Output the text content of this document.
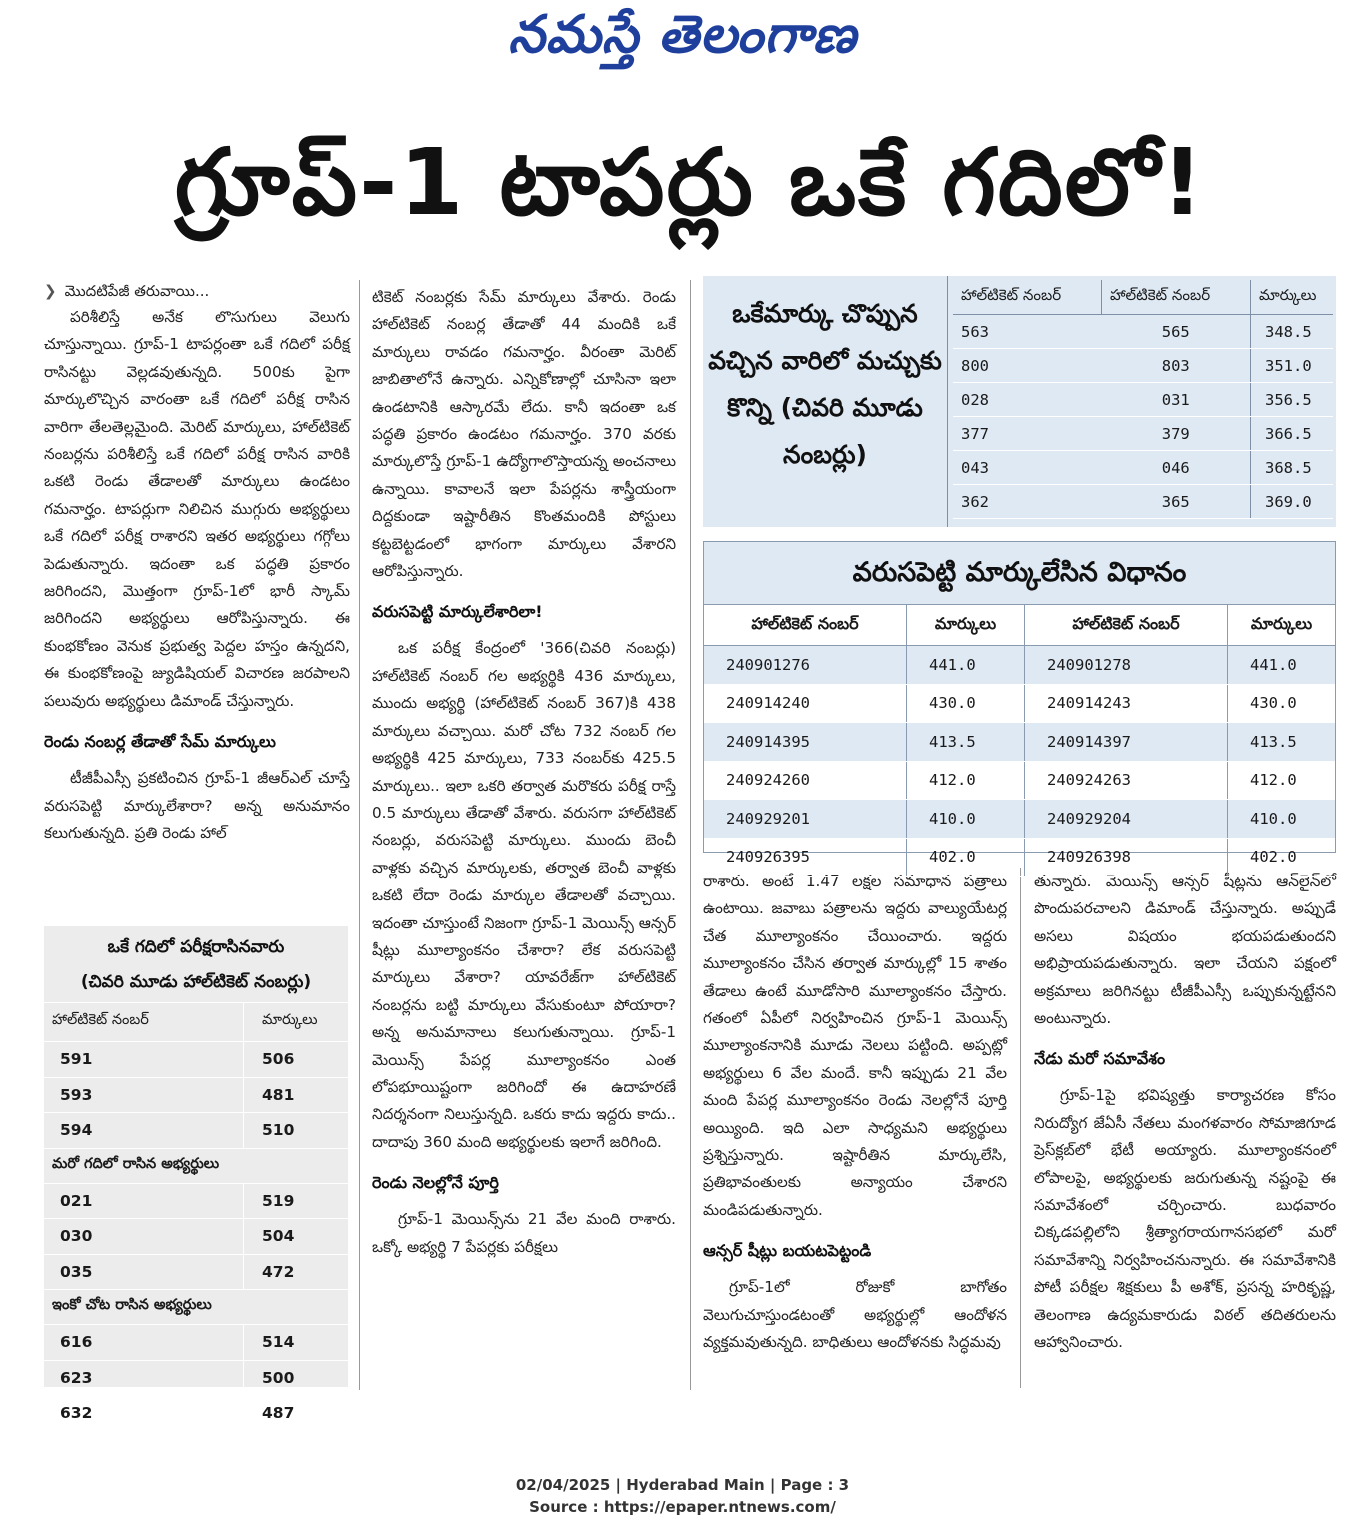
నమస్తే తెలంగాణ
గ్రూప్-1 టాపర్లు ఒకే గదిలో!
❯ మొదటిపేజీ తరువాయి...

పరిశీలిస్తే అనేక లొసుగులు వెలుగు చూస్తున్నాయి. గ్రూప్-1 టాపర్లంతా ఒకే గదిలో పరీక్ష రాసినట్టు వెల్లడవుతున్నది. 500కు పైగా మార్కులొచ్చిన వారంతా ఒకే గదిలో పరీక్ష రాసిన వారిగా తేలతెల్లమైంది. మెరిట్ మార్కులు, హాల్‌టికెట్ నంబర్లను పరిశీలిస్తే ఒకే గదిలో పరీక్ష రాసిన వారికి ఒకటి రెండు తేడాలతో మార్కులు ఉండటం గమనార్హం. టాపర్లుగా నిలిచిన ముగ్గురు అభ్యర్థులు ఒకే గదిలో పరీక్ష రాశారని ఇతర అభ్యర్థులు గగ్గోలు పెడుతున్నారు. ఇదంతా ఒక పద్ధతి ప్రకారం జరిగిందని, మొత్తంగా గ్రూప్-1లో భారీ స్కామ్ జరిగిందని అభ్యర్థులు ఆరోపిస్తున్నారు. ఈ కుంభకోణం వెనుక ప్రభుత్వ పెద్దల హస్తం ఉన్నదని, ఈ కుంభకోణంపై జ్యుడిషియల్ విచారణ జరపాలని పలువురు అభ్యర్థులు డిమాండ్ చేస్తున్నారు.

రెండు నంబర్ల తేడాతో సేమ్ మార్కులు

టీజీపీఎస్సీ ప్రకటించిన గ్రూప్-1 జీఆర్ఎల్ చూస్తే వరుసపెట్టి మార్కులేశారా? అన్న అనుమానం కలుగుతున్నది. ప్రతి రెండు హాల్

టికెట్ నంబర్లకు సేమ్ మార్కులు వేశారు. రెండు హాల్‌టికెట్ నంబర్ల తేడాతో 44 మందికి ఒకే మార్కులు రావడం గమనార్హం. వీరంతా మెరిట్ జాబితాలోనే ఉన్నారు. ఎన్నికోణాల్లో చూసినా ఇలా ఉండటానికి ఆస్కారమే లేదు. కానీ ఇదంతా ఒక పద్ధతి ప్రకారం ఉండటం గమనార్హం. 370 వరకు మార్కులొస్తే గ్రూప్-1 ఉద్యోగాలొస్తాయన్న అంచనాలు ఉన్నాయి. కావాలనే ఇలా పేపర్లను శాస్త్రీయంగా దిద్దకుండా ఇష్టారీతిన కొంతమందికి పోస్టులు కట్టబెట్టడంలో భాగంగా మార్కులు వేశారని ఆరోపిస్తున్నారు.

వరుసపెట్టి మార్కులేశారిలా!

ఒక పరీక్ష కేంద్రంలో '366(చివరి నంబర్లు) హాల్‌టికెట్ నంబర్ గల అభ్యర్థికి 436 మార్కులు, ముందు అభ్యర్థి (హాల్‌టికెట్ నంబర్ 367)కి 438 మార్కులు వచ్చాయి. మరో చోట 732 నంబర్ గల అభ్యర్థికి 425 మార్కులు, 733 నంబర్‌కు 425.5 మార్కులు.. ఇలా ఒకరి తర్వాత మరొకరు పరీక్ష రాస్తే 0.5 మార్కులు తేడాతో వేశారు. వరుసగా హాల్‌టికెట్ నంబర్లు, వరుసపెట్టి మార్కులు. ముందు బెంచీ వాళ్లకు వచ్చిన మార్కులకు, తర్వాత బెంచీ వాళ్లకు ఒకటి లేదా రెండు మార్కుల తేడాలతో వచ్చాయి. ఇదంతా చూస్తుంటే నిజంగా గ్రూప్-1 మెయిన్స్ ఆన్సర్ షీట్లు మూల్యాంకనం చేశారా? లేక వరుసపెట్టి మార్కులు వేశారా? యావరేజ్‌గా హాల్‌టికెట్ నంబర్లను బట్టి మార్కులు వేసుకుంటూ పోయారా? అన్న అనుమానాలు కలుగుతున్నాయి. గ్రూప్-1 మెయిన్స్ పేపర్ల మూల్యాంకనం ఎంత లోపభూయిష్టంగా జరిగిందో ఈ ఉదాహరణే నిదర్శనంగా నిలుస్తున్నది. ఒకరు కాదు ఇద్దరు కాదు.. దాదాపు 360 మంది అభ్యర్థులకు ఇలాగే జరిగింది.

రెండు నెలల్లోనే పూర్తి

గ్రూప్-1 మెయిన్స్‌ను 21 వేల మంది రాశారు. ఒక్కో అభ్యర్థి 7 పేపర్లకు పరీక్షలు

రాశారు. అంటే 1.47 లక్షల సమాధాన పత్రాలు ఉంటాయి. జవాబు పత్రాలను ఇద్దరు వాల్యుయేటర్ల చేత మూల్యాంకనం చేయించారు. ఇద్దరు మూల్యాంకనం చేసిన తర్వాత మార్కుల్లో 15 శాతం తేడాలు ఉంటే మూడోసారి మూల్యాంకనం చేస్తారు. గతంలో ఏపీలో నిర్వహించిన గ్రూప్-1 మెయిన్స్ మూల్యాంకనానికి మూడు నెలలు పట్టింది. అప్పట్లో అభ్యర్థులు 6 వేల మందే. కానీ ఇప్పుడు 21 వేల మంది పేపర్ల మూల్యాంకనం రెండు నెలల్లోనే పూర్తి అయ్యింది. ఇది ఎలా సాధ్యమని అభ్యర్థులు ప్రశ్నిస్తున్నారు. ఇష్టారీతిన మార్కులేసి, ప్రతిభావంతులకు అన్యాయం చేశారని మండిపడుతున్నారు.

ఆన్సర్ షీట్లు బయటపెట్టండి

గ్రూప్-1లో రోజుకో బాగోతం వెలుగుచూస్తుండటంతో అభ్యర్థుల్లో ఆందోళన వ్యక్తమవుతున్నది. బాధితులు ఆందోళనకు సిద్ధమవు

తున్నారు. మెయిన్స్ ఆన్సర్ షీట్లను ఆన్‌లైన్‌లో పొందుపరచాలని డిమాండ్ చేస్తున్నారు. అప్పుడే అసలు విషయం భయపడుతుందని అభిప్రాయపడుతున్నారు. ఇలా చేయని పక్షంలో అక్రమాలు జరిగినట్టు టీజీపీఎస్సీ ఒప్పుకున్నట్టేనని అంటున్నారు.

నేడు మరో సమావేశం

గ్రూప్-1పై భవిష్యత్తు కార్యాచరణ కోసం నిరుద్యోగ జేఏసీ నేతలు మంగళవారం సోమాజిగూడ ప్రెస్‌క్లబ్‌లో భేటీ అయ్యారు. మూల్యాంకనంలో లోపాలపై, అభ్యర్థులకు జరుగుతున్న నష్టంపై ఈ సమావేశంలో చర్చించారు. బుధవారం చిక్కడపల్లిలోని శ్రీత్యాగరాయగానసభలో మరో సమావేశాన్ని నిర్వహించనున్నారు. ఈ సమావేశానికి పోటీ పరీక్షల శిక్షకులు పీ అశోక్, ప్రసన్న హరికృష్ణ, తెలంగాణ ఉద్యమకారుడు విఠల్ తదితరులను ఆహ్వానించారు.

ఒకేమార్కు చొప్పున వచ్చిన వారిలో మచ్చుకు కొన్ని (చివరి మూడు నంబర్లు)
హాల్‌టికెట్ నంబర్	హాల్‌టికెట్ నంబర్	మార్కులు
563	565	348.5
800	803	351.0
028	031	356.5
377	379	366.5
043	046	368.5
362	365	369.0
వరుసపెట్టి మార్కులేసిన విధానం
హాల్‌టికెట్ నంబర్	మార్కులు	హాల్‌టికెట్ నంబర్	మార్కులు
240901276	441.0	240901278	441.0
240914240	430.0	240914243	430.0
240914395	413.5	240914397	413.5
240924260	412.0	240924263	412.0
240929201	410.0	240929204	410.0
240926395	402.0	240926398	402.0
ఒకే గదిలో పరీక్షరాసినవారు
(చివరి మూడు హాల్‌టికెట్ నంబర్లు)
హాల్‌టికెట్ నంబర్	మార్కులు
591	506
593	481
594	510
మరో గదిలో రాసిన అభ్యర్థులు	
021	519
030	504
035	472
ఇంకో చోట రాసిన అభ్యర్థులు	
616	514
623	500
632	487
02/04/2025 | Hyderabad Main | Page : 3
Source : https://epaper.ntnews.com/
